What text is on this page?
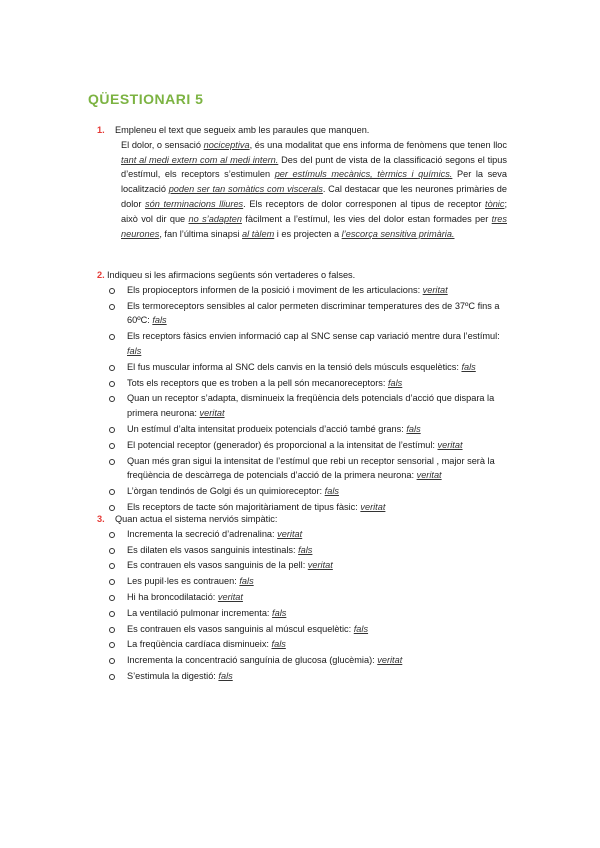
QÜESTIONARI 5
1.	Empleneu el text que segueix amb les paraules que manquen.
El dolor, o sensació nociceptiva, és una modalitat que ens informa de fenòmens que tenen lloc tant al medi extern com al medi intern. Des del punt de vista de la classificació segons el tipus d’estímul, els receptors s’estimulen per estímuls mecànics, tèrmics i químics. Per la seva localització poden ser tan somàtics com viscerals. Cal destacar que les neurones primàries de dolor són terminacions lliures. Els receptors de dolor corresponen al tipus de receptor tònic; això vol dir que no s’adapten fàcilment a l’estímul, les vies del dolor estan formades per tres neurones, fan l’última sinapsi al tàlem i es projecten a l’escorça sensitiva primària.
2. Indiqueu si les afirmacions següents són vertaderes o falses.
Els propioceptors informen de la posició i moviment de les articulacions: veritat
Els termoreceptors sensibles al calor permeten discriminar temperatures des de 37ºC fins a 60ºC: fals
Els receptors fàsics envien informació cap al SNC sense cap variació mentre dura l’estímul: fals
El fus muscular informa al SNC dels canvis en la tensió dels músculs esquelètics: fals
Tots els receptors que es troben a la pell són mecanoreceptors: fals
Quan un receptor s’adapta, disminueix la freqüència dels potencials d’acció que dispara la primera neurona: veritat
Un estímul d’alta intensitat produeix potencials d’acció també grans: fals
El potencial receptor (generador) és proporcional a la intensitat de l’estímul: veritat
Quan més gran sigui la intensitat de l’estímul que rebi un receptor sensorial , major serà la freqüència de descàrrega de potencials d’acció de la primera neurona: veritat
L’òrgan tendinós de Golgi és un quimioreceptor: fals
Els receptors de tacte són majoritàriament de tipus fàsic: veritat
3.	Quan actua el sistema nerviós simpàtic:
Incrementa la secreció d’adrenalina: veritat
Es dilaten els vasos sanguinis intestinals: fals
Es contrauen els vasos sanguinis de la pell: veritat
Les pupil·les es contrauen: fals
Hi ha broncodilatació: veritat
La ventilació pulmonar incrementa: fals
Es contrauen els vasos sanguinis al múscul esquelètic: fals
La freqüència cardíaca disminueix: fals
Incrementa la concentració sanguínia de glucosa (glucèmia): veritat
S’estimula la digestió: fals
